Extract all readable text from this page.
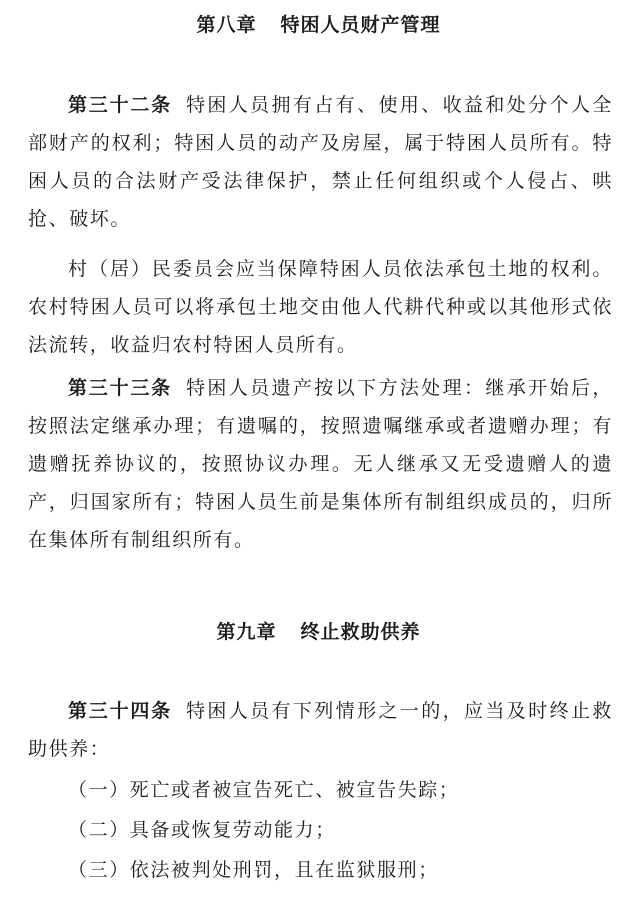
第八章 特困人员财产管理
第三十二条 特困人员拥有占有、使用、收益和处分个人全部财产的权利；特困人员的动产及房屋，属于特困人员所有。特困人员的合法财产受法律保护，禁止任何组织或个人侵占、哄抢、破坏。
村（居）民委员会应当保障特困人员依法承包土地的权利。农村特困人员可以将承包土地交由他人代耕代种或以其他形式依法流转，收益归农村特困人员所有。
第三十三条 特困人员遗产按以下方法处理：继承开始后，按照法定继承办理；有遗嘱的，按照遗嘱继承或者遗赠办理；有遗赠抚养协议的，按照协议办理。无人继承又无受遗赠人的遗产，归国家所有；特困人员生前是集体所有制组织成员的，归所在集体所有制组织所有。
第九章 终止救助供养
第三十四条 特困人员有下列情形之一的，应当及时终止救助供养：
（一）死亡或者被宣告死亡、被宣告失踪；
（二）具备或恢复劳动能力；
（三）依法被判处刑罚，且在监狱服刑；
